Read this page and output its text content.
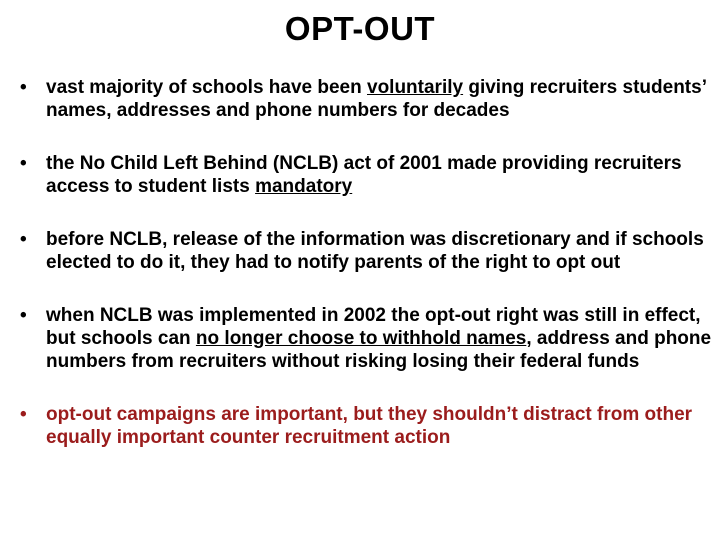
OPT-OUT
• vast majority of schools have been voluntarily giving recruiters students’ names, addresses and phone numbers for decades
• the No Child Left Behind (NCLB) act of 2001 made providing recruiters access to student lists mandatory
• before NCLB, release of the information was discretionary and if schools elected to do it, they had to notify parents of the right to opt out
• when NCLB was implemented in 2002 the opt-out right was still in effect, but schools can no longer choose to withhold names, address and phone numbers from recruiters without risking losing their federal funds
• opt-out campaigns are important, but they shouldn’t distract from other equally important counter recruitment action
